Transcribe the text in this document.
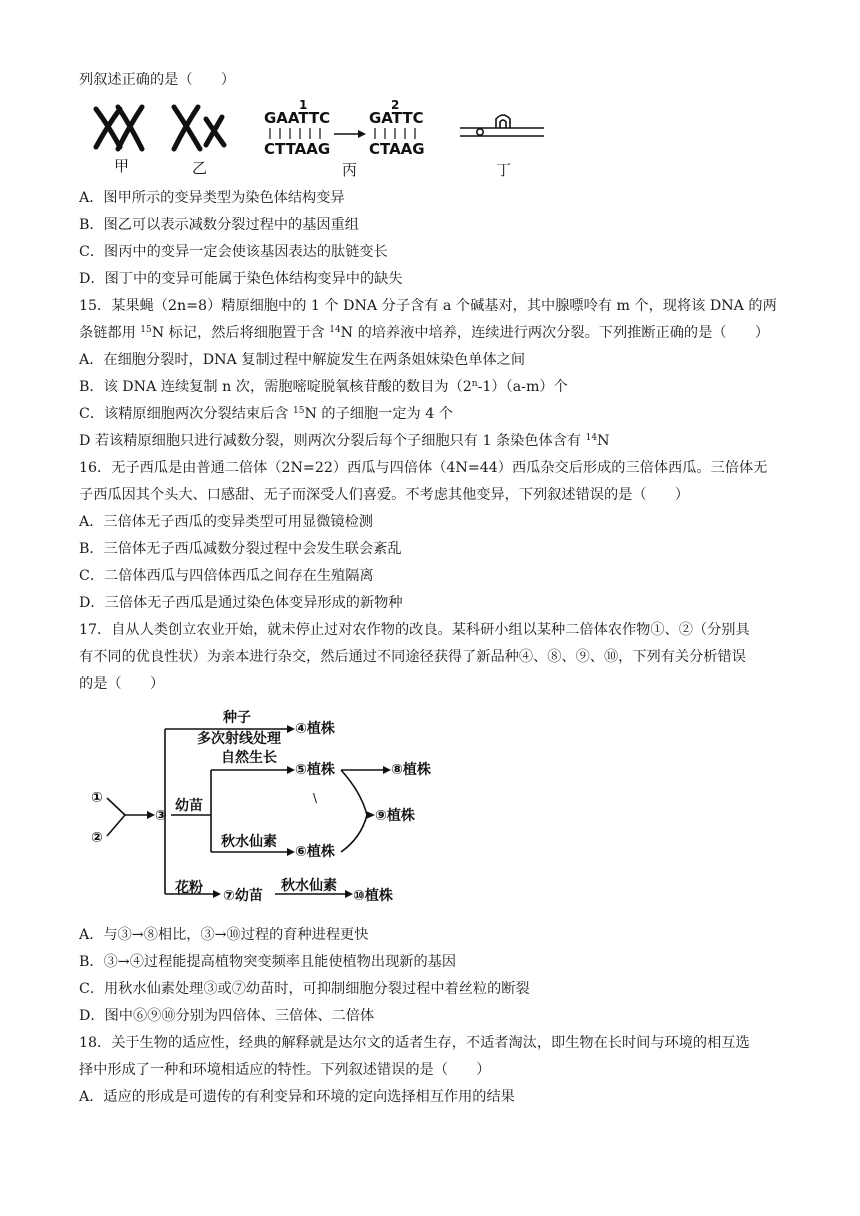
列叙述正确的是（　　）
甲	乙
1
GAATTC
CTTAAG
2
GATTC
CTAAG
丙	丁
A．图甲所示的变异类型为染色体结构变异
B．图乙可以表示减数分裂过程中的基因重组
C．图丙中的变异一定会使该基因表达的肽链变长
D．图丁中的变异可能属于染色体结构变异中的缺失
15．某果蝇（2n=8）精原细胞中的 1 个 DNA 分子含有 a 个碱基对，其中腺嘌呤有 m 个，现将该 DNA 的两
条链都用 $^{15}$N 标记，然后将细胞置于含 $^{14}$N 的培养液中培养，连续进行两次分裂。下列推断正确的是（　　）
A．在细胞分裂时，DNA 复制过程中解旋发生在两条姐妹染色单体之间
B．该 DNA 连续复制 n 次，需胞嘧啶脱氧核苷酸的数目为（2$^n$-1）（a-m）个
C．该精原细胞两次分裂结束后含 $^{15}$N 的子细胞一定为 4 个
D 若该精原细胞只进行减数分裂，则两次分裂后每个子细胞只有 1 条染色体含有 $^{14}$N
16．无子西瓜是由普通二倍体（2N=22）西瓜与四倍体（4N=44）西瓜杂交后形成的三倍体西瓜。三倍体无
子西瓜因其个头大、口感甜、无子而深受人们喜爱。不考虑其他变异，下列叙述错误的是（　　）
A．三倍体无子西瓜的变异类型可用显微镜检测
B．三倍体无子西瓜减数分裂过程中会发生联会紊乱
C．二倍体西瓜与四倍体西瓜之间存在生殖隔离
D．三倍体无子西瓜是通过染色体变异形成的新物种
17．自从人类创立农业开始，就未停止过对农作物的改良。某科研小组以某种二倍体农作物①、②（分别具
有不同的优良性状）为亲本进行杂交，然后通过不同途径获得了新品种④、⑧、⑨、⑩，下列有关分析错误
的是（　　）
①
②
③
幼苗
种子
多次射线处理
④植株
自然生长
⑤植株	⑧植株
⑨植株
秋水仙素
⑥植株
花粉 ⑦幼苗
秋水仙素
⑩植株
\
A．与③→⑧相比，③→⑩过程的育种进程更快
B．③→④过程能提高植物突变频率且能使植物出现新的基因
C．用秋水仙素处理③或⑦幼苗时，可抑制细胞分裂过程中着丝粒的断裂
D．图中⑥⑨⑩分别为四倍体、三倍体、二倍体
18．关于生物的适应性，经典的解释就是达尔文的适者生存，不适者淘汰，即生物在长时间与环境的相互选
择中形成了一种和环境相适应的特性。下列叙述错误的是（　　）
A．适应的形成是可遗传的有利变异和环境的定向选择相互作用的结果
